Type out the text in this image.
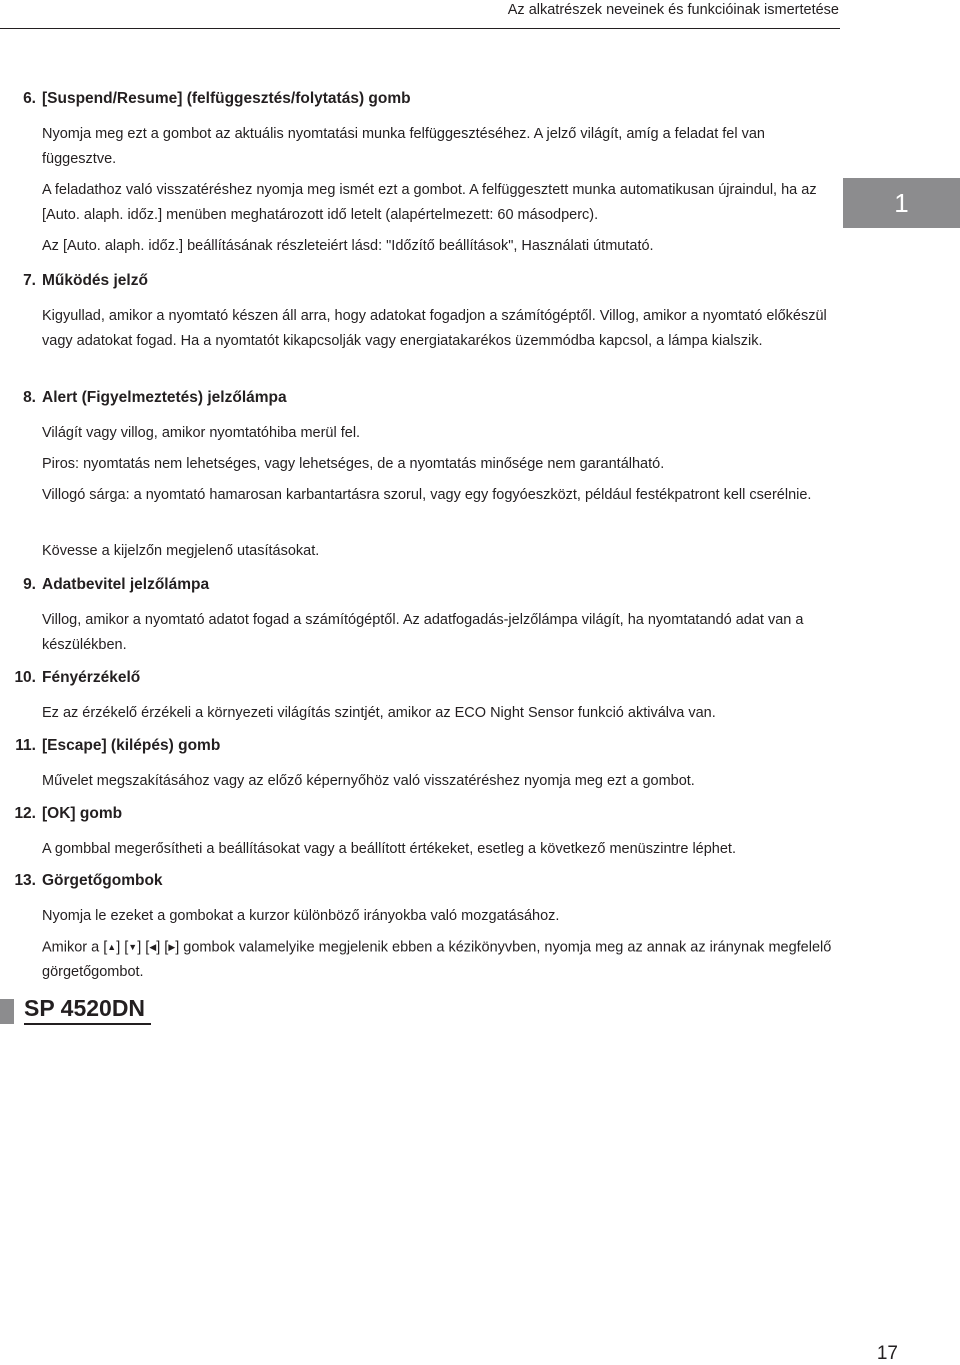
Az alkatrészek neveinek és funkcióinak ismertetése
1
6. [Suspend/Resume] (felfüggesztés/folytatás) gomb
Nyomja meg ezt a gombot az aktuális nyomtatási munka felfüggesztéséhez. A jelző világít, amíg a feladat fel van függesztve.
A feladathoz való visszatéréshez nyomja meg ismét ezt a gombot. A felfüggesztett munka automatikusan újraindul, ha az [Auto. alaph. időz.] menüben meghatározott idő letelt (alapértelmezett: 60 másodperc).
Az [Auto. alaph. időz.] beállításának részleteiért lásd: "Időzítő beállítások", Használati útmutató.
7. Működés jelző
Kigyullad, amikor a nyomtató készen áll arra, hogy adatokat fogadjon a számítógéptől. Villog, amikor a nyomtató előkészül vagy adatokat fogad. Ha a nyomtatót kikapcsolják vagy energiatakarékos üzemmódba kapcsol, a lámpa kialszik.
8. Alert (Figyelmeztetés) jelzőlámpa
Világít vagy villog, amikor nyomtatóhiba merül fel.
Piros: nyomtatás nem lehetséges, vagy lehetséges, de a nyomtatás minősége nem garantálható.
Villogó sárga: a nyomtató hamarosan karbantartásra szorul, vagy egy fogyóeszközt, például festékpatront kell cserélnie.
Kövesse a kijelzőn megjelenő utasításokat.
9. Adatbevitel jelzőlámpa
Villog, amikor a nyomtató adatot fogad a számítógéptől. Az adatfogadás-jelzőlámpa világít, ha nyomtatandó adat van a készülékben.
10. Fényérzékelő
Ez az érzékelő érzékeli a környezeti világítás szintjét, amikor az ECO Night Sensor funkció aktiválva van.
11. [Escape] (kilépés) gomb
Művelet megszakításához vagy az előző képernyőhöz való visszatéréshez nyomja meg ezt a gombot.
12. [OK] gomb
A gombbal megerősítheti a beállításokat vagy a beállított értékeket, esetleg a következő menüszintre léphet.
13. Görgetőgombok
Nyomja le ezeket a gombokat a kurzor különböző irányokba való mozgatásához.
Amikor a [▲] [▼] [◀] [▶] gombok valamelyike megjelenik ebben a kézikönyvben, nyomja meg az annak az iránynak megfelelő görgetőgombot.
SP 4520DN
17
